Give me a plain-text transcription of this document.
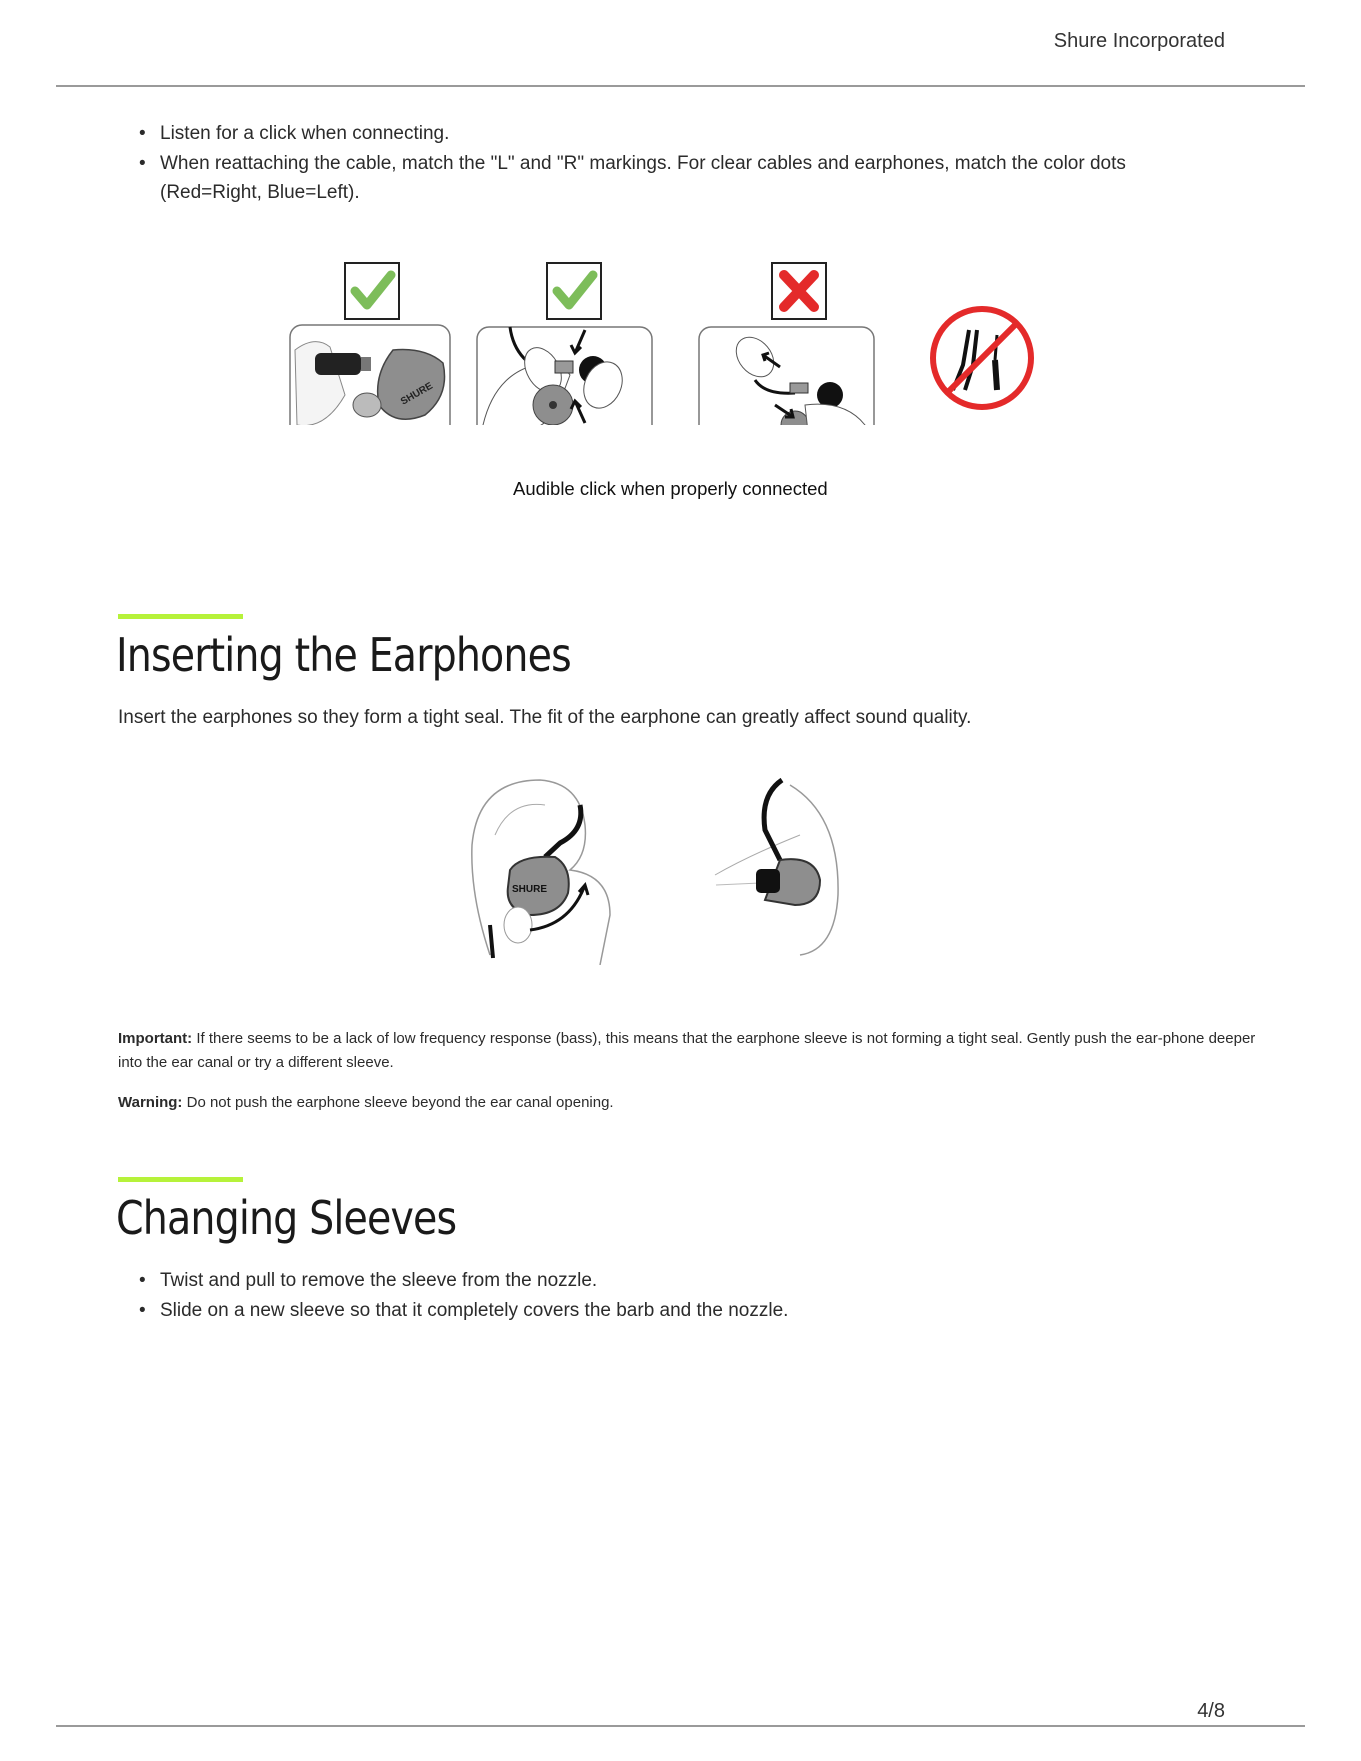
Shure Incorporated
• Listen for a click when connecting.
• When reattaching the cable, match the "L" and "R" markings. For clear cables and earphones, match the color dots
(Red=Right, Blue=Left).
SHURE
Audible click when properly connected
Inserting the Earphones

Insert the earphones so they form a tight seal. The fit of the earphone can greatly affect sound quality.

SHURE

Important: If there seems to be a lack of low frequency response (bass), this means that the earphone sleeve is not forming a tight seal. Gently push the ear-phone deeper into the ear canal or try a different sleeve.

Warning: Do not push the earphone sleeve beyond the ear canal opening.

Changing Sleeves
• Twist and pull to remove the sleeve from the nozzle.
• Slide on a new sleeve so that it completely covers the barb and the nozzle.
4/8
